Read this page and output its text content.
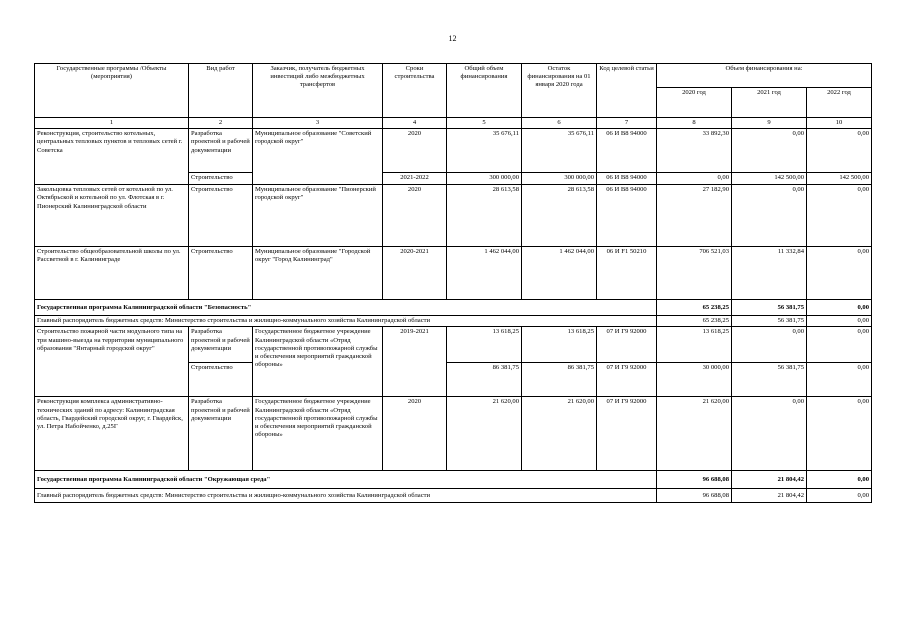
12
Государственные программы /Объекты (мероприятия)	Вид работ	Заказчик, получатель бюджетных инвестиций либо межбюджетных трансфертов	Сроки строительства	Общий объем финансирования	Остаток финансирования на 01 января 2020 года	Код целевой статьи	Объем финансирования на:		
							2020 год	2021 год	2022 год
1	2	3	4	5	6	7	8	9	10
Реконструкция, строительство котельных, центральных тепловых пунктов и тепловых сетей г. Советска	Разработка проектной и рабочей документации	Муниципальное образование "Советский городской округ"	2020	35 676,11	35 676,11	06 И В8 94000	33 892,30	0,00	0,00
	Строительство		2021-2022	300 000,00	300 000,00	06 И В8 94000	0,00	142 500,00	142 500,00
Закольцовка тепловых сетей от котельной по ул. Октябрьской и котельной по ул. Флотская в г. Пионерский Калининградской области	Строительство	Муниципальное образование "Пионерский городской округ"	2020	28 613,58	28 613,58	06 И В8 94000	27 182,90	0,00	0,00
Строительство общеобразовательной школы по ул. Рассветной в г. Калининграде	Строительство	Муниципальное образование "Городской округ "Город Калининград"	2020-2021	1 462 044,00	1 462 044,00	06 И F1 50210	706 521,03	11 332,84	0,00
Государственная программа Калининградской области "Безопасность"							65 238,25	56 381,75	0,00
Главный распорядитель бюджетных средств: Министерство строительства и жилищно-коммунального хозяйства Калининградской области							65 238,25	56 381,75	0,00
Строительство пожарной части модульного типа на три машино-выезда на территории муниципального образования "Янтарный городской округ"	Разработка проектной и рабочей документации	Государственное бюджетное учреждение Калининградской области «Отряд государственной противопожарной службы и обеспечения мероприятий гражданской обороны»	2019-2021	13 618,25	13 618,25	07 И Г9 92000	13 618,25	0,00	0,00
	Строительство			86 381,75	86 381,75	07 И Г9 92000	30 000,00	56 381,75	0,00
Реконструкция комплекса административно-технических зданий по адресу: Калининградская область, Гвардейский городской округ, г. Гвардейск, ул. Петра Набойченко, д.25Г	Разработка проектной и рабочей документации	Государственное бюджетное учреждение Калининградской области «Отряд государственной противопожарной службы и обеспечения мероприятий гражданской обороны»	2020	21 620,00	21 620,00	07 И Г9 92000	21 620,00	0,00	0,00
Государственная программа Калининградской области "Окружающая среда"							96 688,08	21 804,42	0,00
Главный распорядитель бюджетных средств: Министерство строительства и жилищно-коммунального хозяйства Калининградской области							96 688,08	21 804,42	0,00
